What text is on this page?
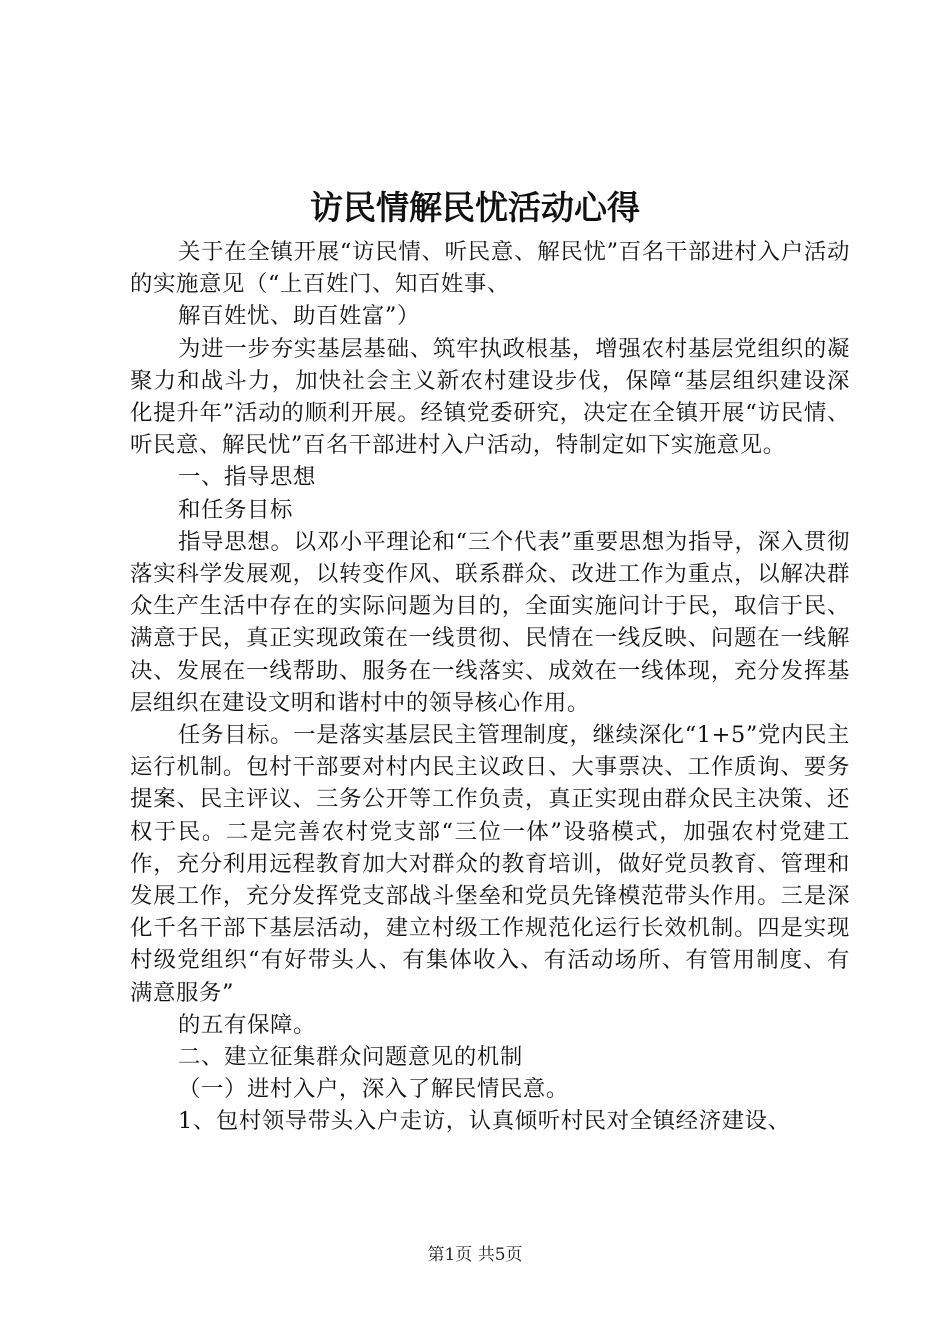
访民情解民忧活动心得

关于在全镇开展“访民情、听民意、解民忧”百名干部进村入户活动的实施意见（“上百姓门、知百姓事、

解百姓忧、助百姓富”）

为进一步夯实基层基础、筑牢执政根基，增强农村基层党组织的凝聚力和战斗力，加快社会主义新农村建设步伐，保障“基层组织建设深化提升年”活动的顺利开展。经镇党委研究，决定在全镇开展“访民情、听民意、解民忧”百名干部进村入户活动，特制定如下实施意见。

一、指导思想

和任务目标

指导思想。以邓小平理论和“三个代表”重要思想为指导，深入贯彻落实科学发展观，以转变作风、联系群众、改进工作为重点，以解决群众生产生活中存在的实际问题为目的，全面实施问计于民，取信于民、满意于民，真正实现政策在一线贯彻、民情在一线反映、问题在一线解决、发展在一线帮助、服务在一线落实、成效在一线体现，充分发挥基层组织在建设文明和谐村中的领导核心作用。

任务目标。一是落实基层民主管理制度，继续深化“1+5”党内民主运行机制。包村干部要对村内民主议政日、大事票决、工作质询、要务提案、民主评议、三务公开等工作负责，真正实现由群众民主决策、还权于民。二是完善农村党支部“三位一体”设骆模式，加强农村党建工作，充分利用远程教育加大对群众的教育培训，做好党员教育、管理和发展工作，充分发挥党支部战斗堡垒和党员先锋模范带头作用。三是深化千名干部下基层活动，建立村级工作规范化运行长效机制。四是实现村级党组织“有好带头人、有集体收入、有活动场所、有管用制度、有满意服务”

的五有保障。

二、建立征集群众问题意见的机制

（一）进村入户，深入了解民情民意。

1、包村领导带头入户走访，认真倾听村民对全镇经济建设、

第1页 共5页
